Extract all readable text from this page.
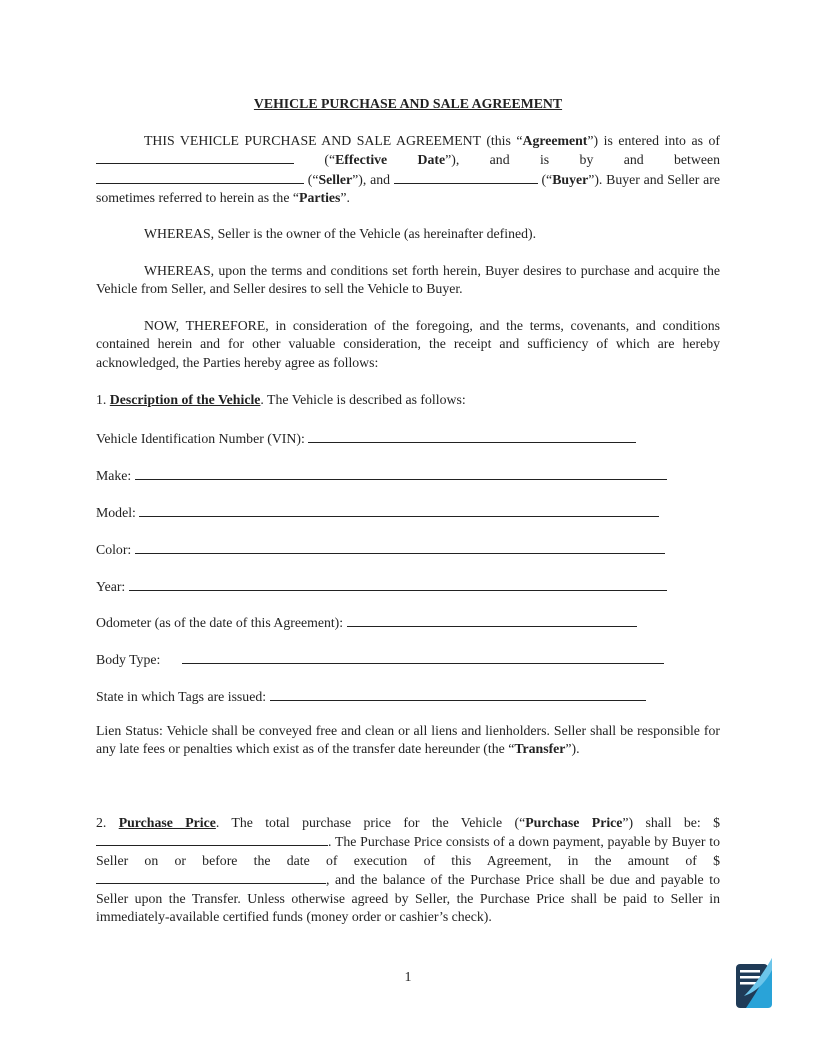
VEHICLE PURCHASE AND SALE AGREEMENT

THIS VEHICLE PURCHASE AND SALE AGREEMENT (this “Agreement”) is entered into as of  (“Effective Date”), and is by and between  (“Seller”), and	(“Buyer”). Buyer and Seller are sometimes referred to herein as the “Parties”.

WHEREAS, Seller is the owner of the Vehicle (as hereinafter defined).

WHEREAS, upon the terms and conditions set forth herein, Buyer desires to purchase and acquire the Vehicle from Seller, and Seller desires to sell the Vehicle to Buyer.

NOW, THEREFORE, in consideration of the foregoing, and the terms, covenants, and conditions contained herein and for other valuable consideration, the receipt and sufficiency of which are hereby acknowledged, the Parties hereby agree as follows:

1. Description of the Vehicle. The Vehicle is described as follows:

Vehicle Identification Number (VIN):
Make:
Model:
Color:
Year:
Odometer (as of the date of this Agreement):
Body Type:
State in which Tags are issued:

Lien Status: Vehicle shall be conveyed free and clean or all liens and lienholders. Seller shall be responsible for any late fees or penalties which exist as of the transfer date hereunder (the “Transfer”).

2. Purchase Price. The total purchase price for the Vehicle (“Purchase Price”) shall be: $. The Purchase Price consists of a down payment, payable by Buyer to Seller on or before the date of execution of this Agreement, in the amount of $, and the balance of the Purchase Price shall be due and payable to Seller upon the Transfer. Unless otherwise agreed by Seller, the Purchase Price shall be paid to Seller in immediately-available certified funds (money order or cashier’s check).

1
